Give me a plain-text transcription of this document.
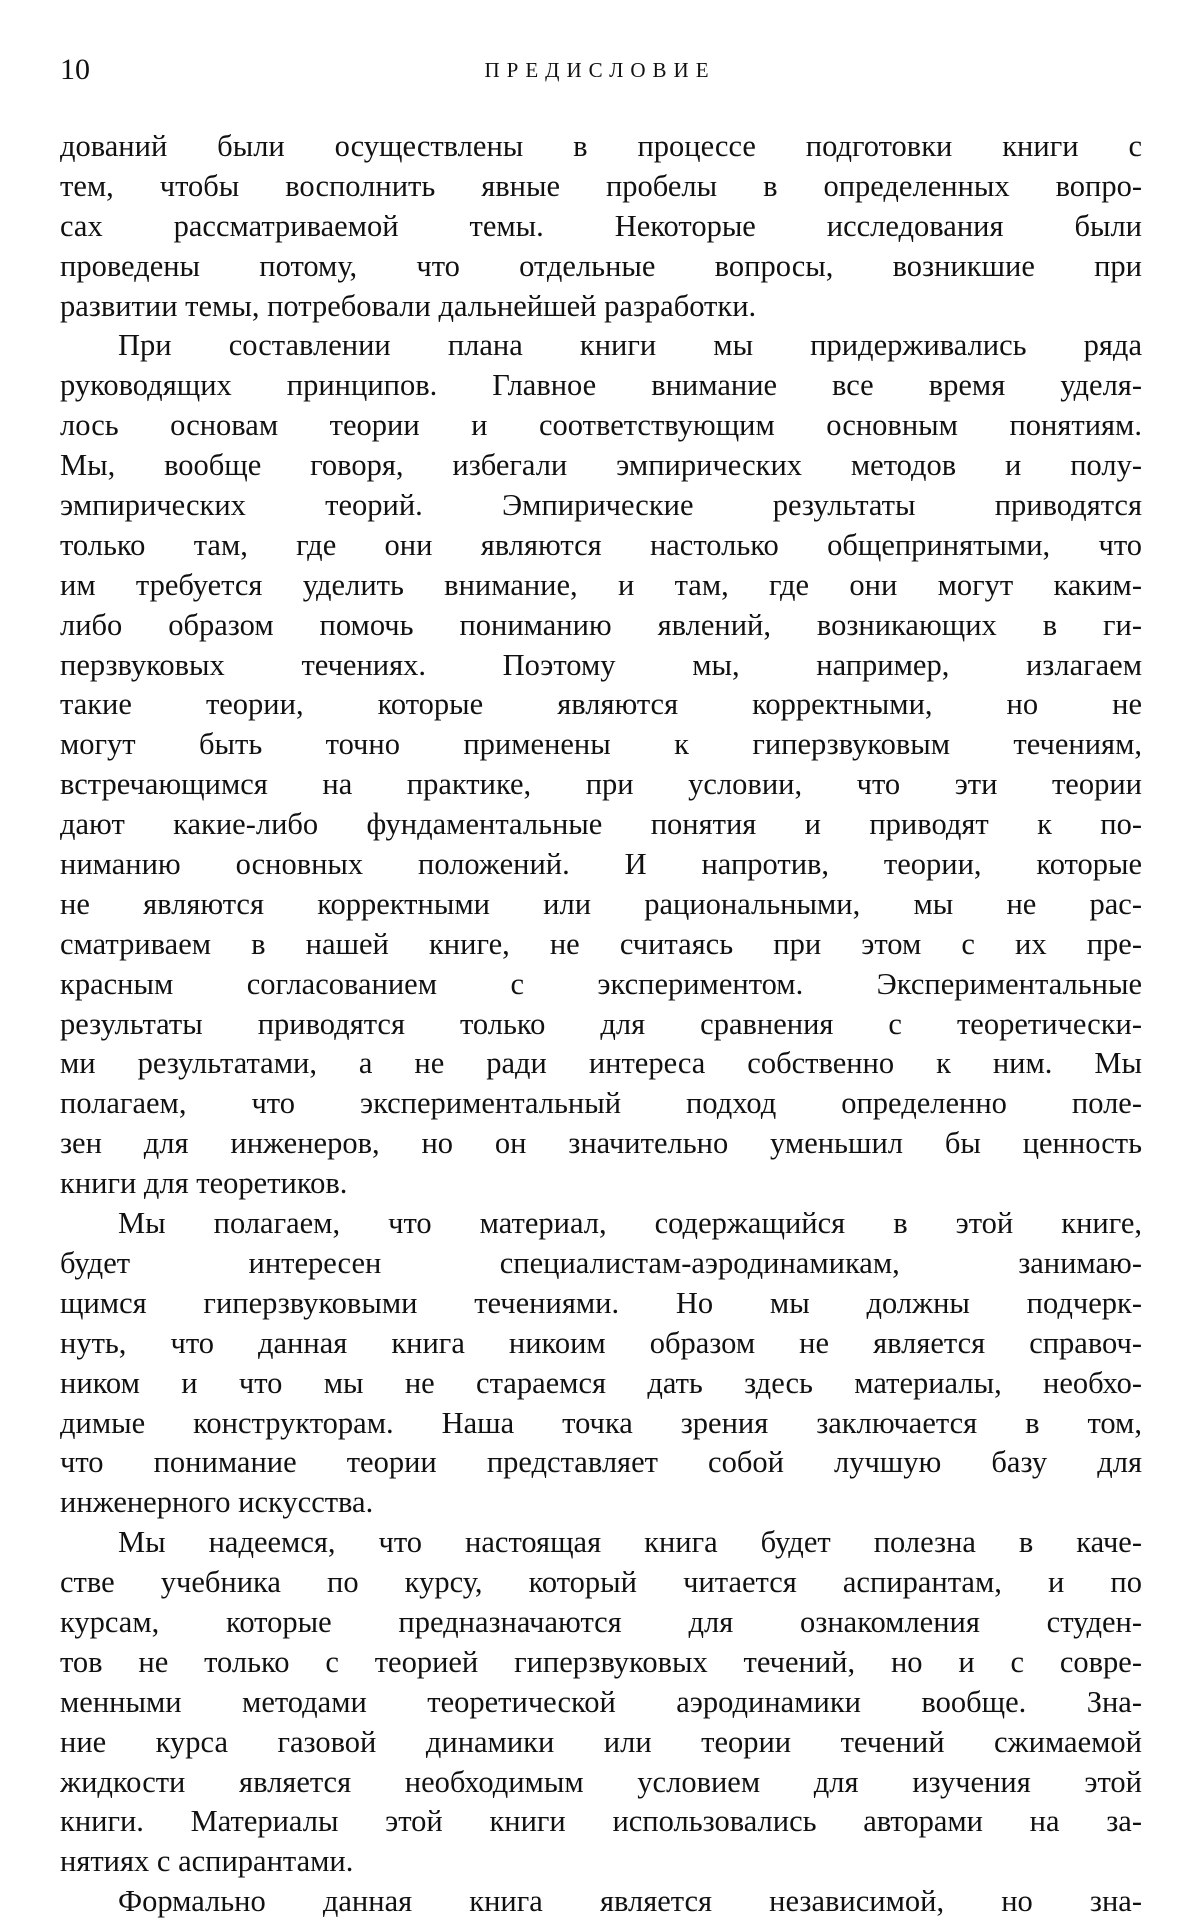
10	ПРЕДИСЛОВИЕ
дований были осуществлены в процессе подготовки книги с
тем, чтобы восполнить явные пробелы в определенных вопро-
сах рассматриваемой темы. Некоторые исследования были
проведены потому, что отдельные вопросы, возникшие при
развитии темы, потребовали дальнейшей разработки.
При составлении плана книги мы придерживались ряда
руководящих принципов. Главное внимание все время уделя-
лось основам теории и соответствующим основным понятиям.
Мы, вообще говоря, избегали эмпирических методов и полу-
эмпирических теорий. Эмпирические результаты приводятся
только там, где они являются настолько общепринятыми, что
им требуется уделить внимание, и там, где они могут каким-
либо образом помочь пониманию явлений, возникающих в ги-
перзвуковых течениях. Поэтому мы, например, излагаем
такие теории, которые являются корректными, но не
могут быть точно применены к гиперзвуковым течениям,
встречающимся на практике, при условии, что эти теории
дают какие-либо фундаментальные понятия и приводят к по-
ниманию основных положений. И напротив, теории, которые
не являются корректными или рациональными, мы не рас-
сматриваем в нашей книге, не считаясь при этом с их пре-
красным согласованием с экспериментом. Экспериментальные
результаты приводятся только для сравнения с теоретически-
ми результатами, а не ради интереса собственно к ним. Мы
полагаем, что экспериментальный подход определенно поле-
зен для инженеров, но он значительно уменьшил бы ценность
книги для теоретиков.
Мы полагаем, что материал, содержащийся в этой книге,
будет интересен специалистам-аэродинамикам, занимаю-
щимся гиперзвуковыми течениями. Но мы должны подчерк-
нуть, что данная книга никоим образом не является справоч-
ником и что мы не стараемся дать здесь материалы, необхо-
димые конструкторам. Наша точка зрения заключается в том,
что понимание теории представляет собой лучшую базу для
инженерного искусства.
Мы надеемся, что настоящая книга будет полезна в каче-
стве учебника по курсу, который читается аспирантам, и по
курсам, которые предназначаются для ознакомления студен-
тов не только с теорией гиперзвуковых течений, но и с совре-
менными методами теоретической аэродинамики вообще. Зна-
ние курса газовой динамики или теории течений сжимаемой
жидкости является необходимым условием для изучения этой
книги. Материалы этой книги использовались авторами на за-
нятиях с аспирантами.
Формально данная книга является независимой, но зна-
